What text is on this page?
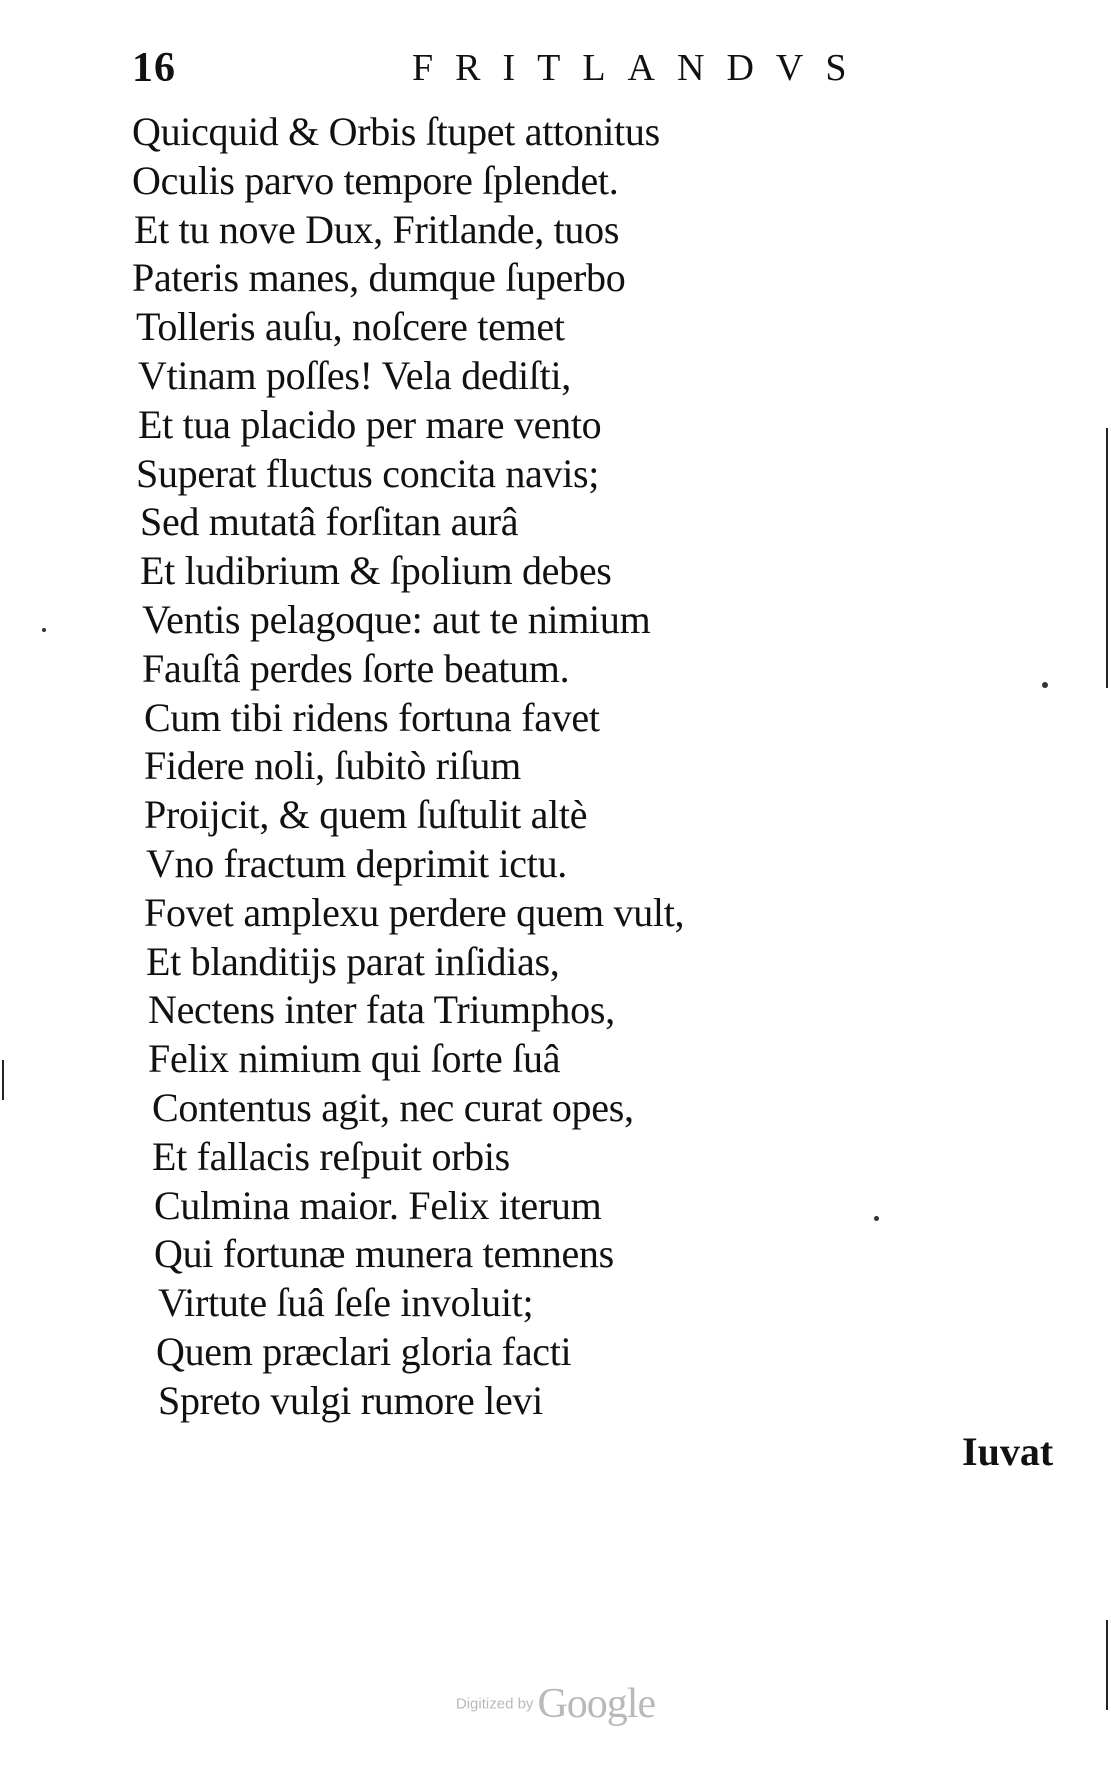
16	FRITLANDVS
Quicquid & Orbis ſtupet attonitus
Oculis parvo tempore ſplendet.
Et tu nove Dux, Fritlande, tuos
Pateris manes, dumque ſuperbo
Tolleris auſu, noſcere temet
Vtinam poſſes! Vela dediſti,
Et tua placido per mare vento
Superat fluctus concita navis;
Sed mutatâ forſitan aurâ
Et ludibrium & ſpolium debes
Ventis pelagoque: aut te nimium
Fauſtâ perdes ſorte beatum.
Cum tibi ridens fortuna favet
Fidere noli, ſubitò riſum
Proijcit, & quem ſuſtulit altè
Vno fractum deprimit ictu.
Fovet amplexu perdere quem vult,
Et blanditijs parat inſidias,
Nectens inter fata Triumphos,
Felix nimium qui ſorte ſuâ
Contentus agit, nec curat opes,
Et fallacis reſpuit orbis
Culmina maior. Felix iterum
Qui fortunæ munera temnens
Virtute ſuâ ſeſe involuit;
Quem præclari gloria facti
Spreto vulgi rumore levi
Iuvat
Digitized by Google
